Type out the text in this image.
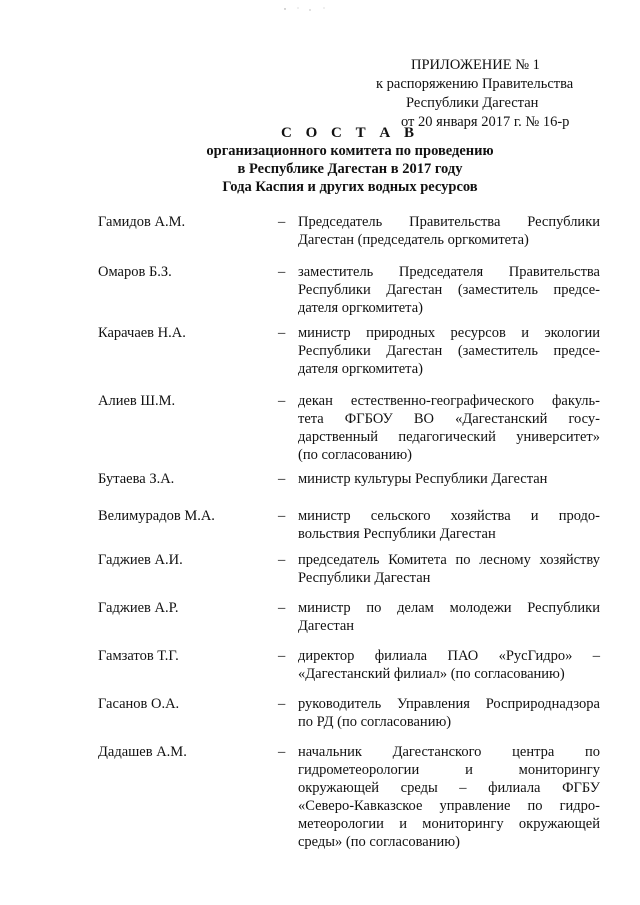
ПРИЛОЖЕНИЕ № 1
к распоряжению Правительства
Республики Дагестан
от 20 января 2017 г. № 16-р
С О С Т А В
организационного комитета по проведению
в Республике Дагестан в 2017 году
Года Каспия и других водных ресурсов
Гамидов А.М.	– Председатель Правительства Республики
Дагестан (председатель оргкомитета)
Омаров Б.З.	– заместитель Председателя Правительства
Республики Дагестан (заместитель предсе-
дателя оргкомитета)
Карачаев Н.А.	– министр природных ресурсов и экологии
Республики Дагестан (заместитель предсе-
дателя оргкомитета)
Алиев Ш.М.	– декан естественно-географического факуль-
тета ФГБОУ ВО «Дагестанский госу-
дарственный педагогический университет»
(по согласованию)
Бутаева З.А.	– министр культуры Республики Дагестан
Велимурадов М.А.	– министр сельского хозяйства и продо-
вольствия Республики Дагестан
Гаджиев А.И.	– председатель Комитета по лесному хозяйству
Республики Дагестан
Гаджиев А.Р.	– министр по делам молодежи Республики
Дагестан
Гамзатов Т.Г.	– директор филиала ПАО «РусГидро» –
«Дагестанский филиал» (по согласованию)
Гасанов О.А.	– руководитель Управления Росприроднадзора
по РД (по согласованию)
Дадашев А.М.	– начальник Дагестанского центра по
гидрометеорологии и мониторингу
окружающей среды – филиала ФГБУ
«Северо-Кавказское управление по гидро-
метеорологии и мониторингу окружающей
среды» (по согласованию)
